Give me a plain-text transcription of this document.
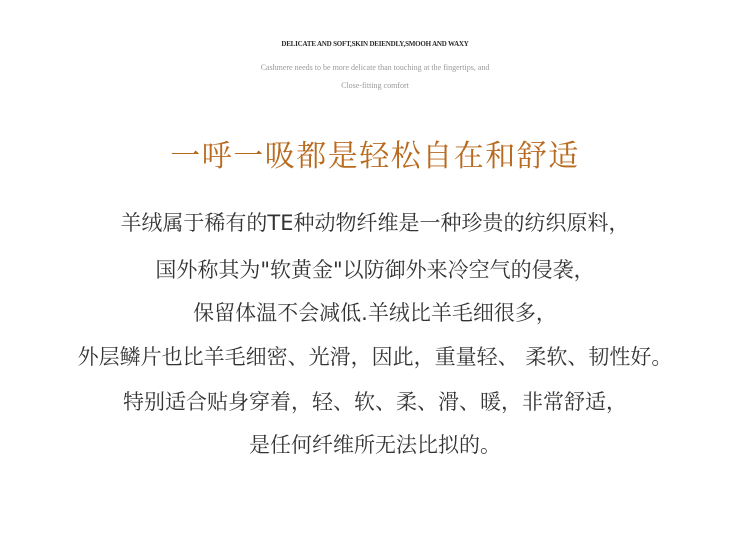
DELICATE AND SOFT,SKIN DEIENDLY,SMOOH AND WAXY
Cashmere needs to be more delicate than touching at the fingertips, and
Close-fitting comfort
一呼一吸都是轻松自在和舒适
羊绒属于稀有的TE种动物纤维是一种珍贵的纺织原料，
国外称其为"软黄金"以防御外来冷空气的侵袭，
保留体温不会减低.羊绒比羊毛细很多，
外层鳞片也比羊毛细密、光滑，因此，重量轻、 柔软、韧性好。
特别适合贴身穿着，轻、软、柔、滑、暖，非常舒适，
是任何纤维所无法比拟的。
